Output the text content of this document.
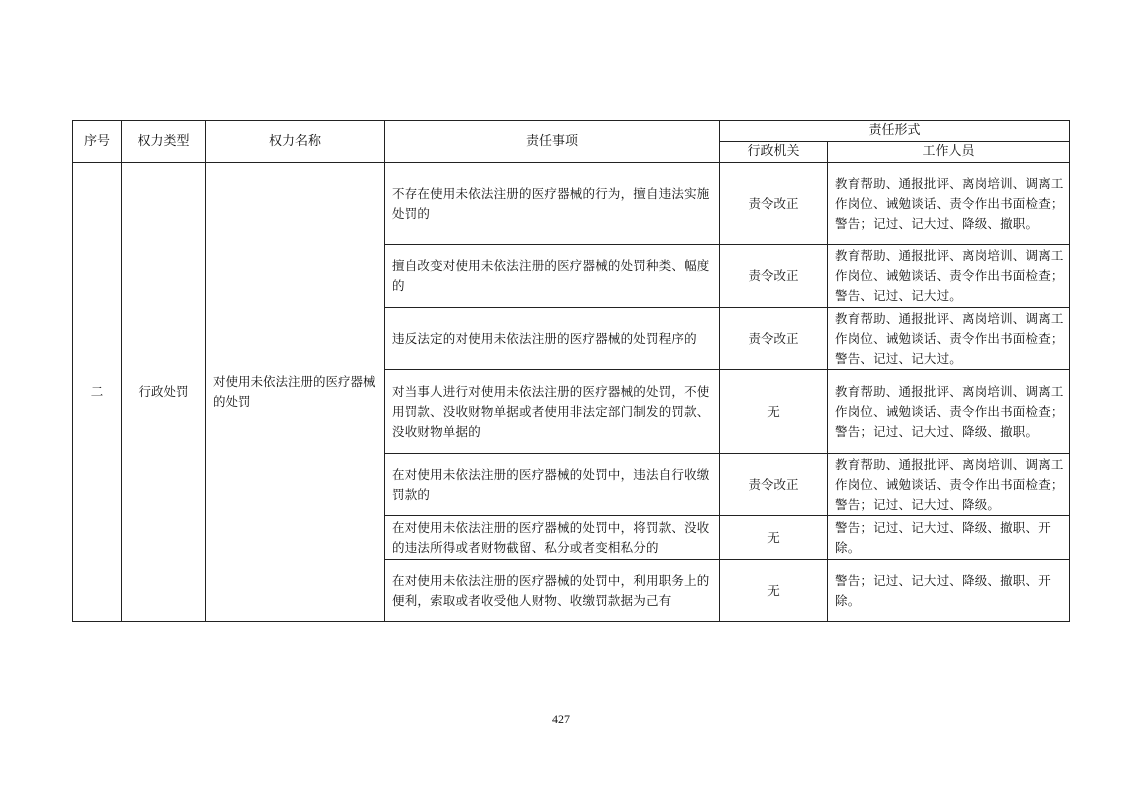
序号	权力类型	权力名称	责任事项	责任形式	
				行政机关	工作人员
二	行政处罚	对使用未依法注册的医疗器械的处罚	不存在使用未依法注册的医疗器械的行为，擅自违法实施处罚的	责令改正	教育帮助、通报批评、离岗培训、调离工作岗位、诫勉谈话、责令作出书面检查；警告；记过、记大过、降级、撤职。
			擅自改变对使用未依法注册的医疗器械的处罚种类、幅度的	责令改正	教育帮助、通报批评、离岗培训、调离工作岗位、诫勉谈话、责令作出书面检查；警告、记过、记大过。
			违反法定的对使用未依法注册的医疗器械的处罚程序的	责令改正	教育帮助、通报批评、离岗培训、调离工作岗位、诫勉谈话、责令作出书面检查；警告、记过、记大过。
			对当事人进行对使用未依法注册的医疗器械的处罚，不使用罚款、没收财物单据或者使用非法定部门制发的罚款、没收财物单据的	无	教育帮助、通报批评、离岗培训、调离工作岗位、诫勉谈话、责令作出书面检查；警告；记过、记大过、降级、撤职。
			在对使用未依法注册的医疗器械的处罚中，违法自行收缴罚款的	责令改正	教育帮助、通报批评、离岗培训、调离工作岗位、诫勉谈话、责令作出书面检查；警告；记过、记大过、降级。
			在对使用未依法注册的医疗器械的处罚中，将罚款、没收的违法所得或者财物截留、私分或者变相私分的	无	警告；记过、记大过、降级、撤职、开除。
			在对使用未依法注册的医疗器械的处罚中，利用职务上的便利，索取或者收受他人财物、收缴罚款据为己有	无	警告；记过、记大过、降级、撤职、开除。
427
